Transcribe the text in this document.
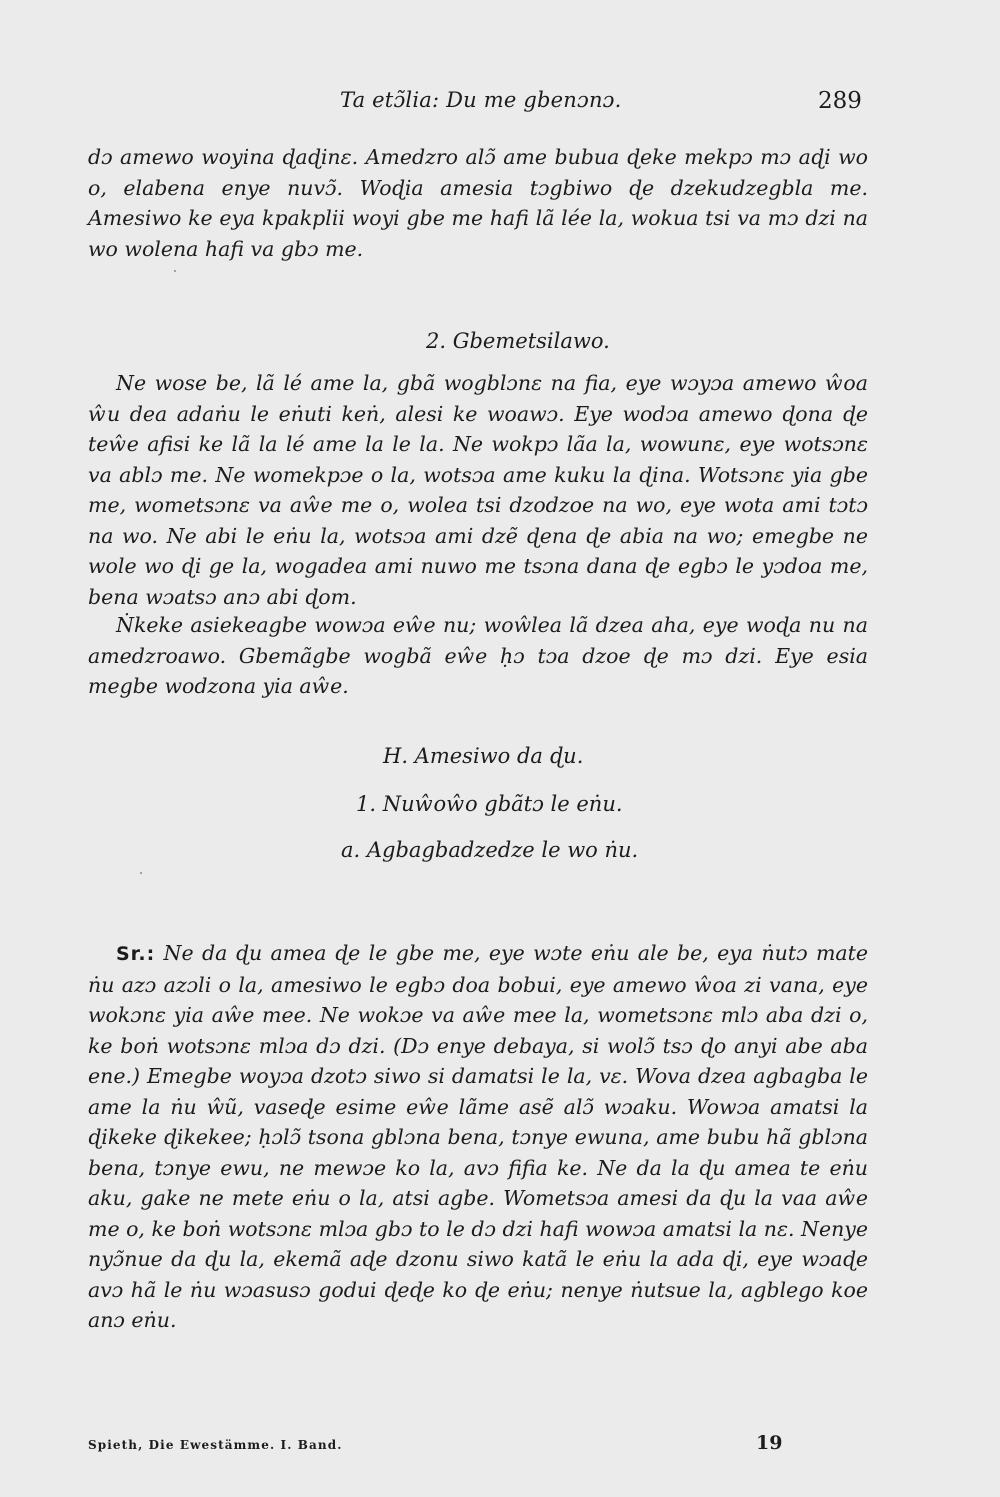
Ta etɔ̃lia: Du me gbenɔnɔ.	289

dɔ amewo woyina ɖaɖinɛ. Amedzro alɔ̃ ame bubua ɖeke mekpɔ mɔ aɖi wo o, elabena enye nuvɔ̃. Woɖia amesia tɔgbiwo ɖe dzekudzegbla me. Amesiwo ke eya kpakplii woyi gbe me hafi lã lée la, wokua tsi va mɔ dzi na wo wolena hafi va gbɔ me.

2. Gbemetsilawo.

Ne wose be, lã lé ame la, gbã wogblɔnɛ na fia, eye wɔyɔa amewo ŵoa ŵu dea adaṅu le eṅuti keṅ, alesi ke woawɔ. Eye wodɔa amewo ɖona ɖe teŵe afisi ke lã la lé ame la le la. Ne wokpɔ lãa la, wowunɛ, eye wotsɔnɛ va ablɔ me. Ne womekpɔe o la, wotsɔa ame kuku la ɖina. Wotsɔnɛ yia gbe me, wometsɔnɛ va aŵe me o, wolea tsi dzodzoe na wo, eye wota ami tɔtɔ na wo. Ne abi le eṅu la, wotsɔa ami dzẽ ɖena ɖe abia na wo; emegbe ne wole wo ɖi ge la, wogadea ami nuwo me tsɔna dana ɖe egbɔ le yɔdoa me, bena wɔatsɔ anɔ abi ɖom.

Ṅkeke asiekeagbe wowɔa eŵe nu; woŵlea lã dzea aha, eye woɖa nu na amedzroawo. Gbemãgbe wogbã eŵe ḥɔ tɔa dzoe ɖe mɔ dzi. Eye esia megbe wodzona yia aŵe.

H. Amesiwo da ɖu.
1. Nuŵoŵo gbãtɔ le eṅu.
a. Agbagbadzedze le wo ṅu.

Sr.: Ne da ɖu amea ɖe le gbe me, eye wɔte eṅu ale be, eya ṅutɔ mate ṅu azɔ azɔli o la, amesiwo le egbɔ doa bobui, eye amewo ŵoa zi vana, eye wokɔnɛ yia aŵe mee. Ne wokɔe va aŵe mee la, wometsɔnɛ mlɔ aba dzi o, ke boṅ wotsɔnɛ mlɔa dɔ dzi. (Dɔ enye debaya, si wolɔ̃ tsɔ ɖo anyi abe aba ene.) Emegbe woyɔa dzotɔ siwo si damatsi le la, vɛ. Wova dzea agbagba le ame la ṅu ŵũ, vaseɖe esime eŵe lãme asẽ alɔ̃ wɔaku. Wowɔa amatsi la ɖikeke ɖikekee; ḥɔlɔ̃ tsona gblɔna bena, tɔnye ewuna, ame bubu hã gblɔna bena, tɔnye ewu, ne mewɔe ko la, avɔ fifia ke. Ne da la ɖu amea te eṅu aku, gake ne mete eṅu o la, atsi agbe. Wometsɔa amesi da ɖu la vaa aŵe me o, ke boṅ wotsɔnɛ mlɔa gbɔ to le dɔ dzi hafi wowɔa amatsi la nɛ. Nenye nyɔ̃nue da ɖu la, ekemã aɖe dzonu siwo katã le eṅu la ada ɖi, eye wɔaɖe avɔ hã le ṅu wɔasusɔ godui ɖeɖe ko ɖe eṅu; nenye ṅutsue la, agblego koe anɔ eṅu.

Spieth, Die Ewestämme. I. Band.	19
